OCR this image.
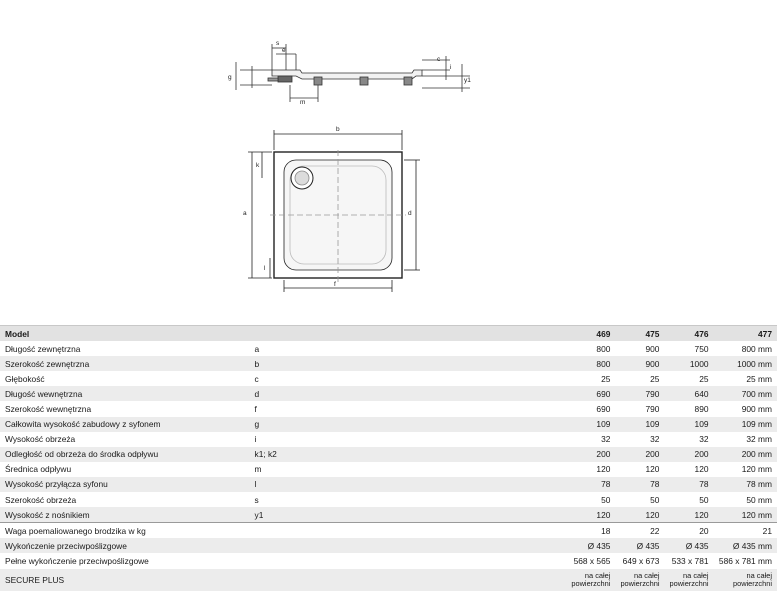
s
e
c
i
y1
g
m
b
a	d
f
k
l
Model		469	475	476	477
Długość zewnętrzna	a	800	900	750	800 mm
Szerokość zewnętrzna	b	800	900	1000	1000 mm
Głębokość	c	25	25	25	25 mm
Długość wewnętrzna	d	690	790	640	700 mm
Szerokość wewnętrzna	f	690	790	890	900 mm
Całkowita wysokość zabudowy z syfonem	g	109	109	109	109 mm
Wysokość obrzeża	i	32	32	32	32 mm
Odległość od obrzeża do środka odpływu	k1; k2	200	200	200	200 mm
Średnica odpływu	m	120	120	120	120 mm
Wysokość przyłącza syfonu	l	78	78	78	78 mm
Szerokość obrzeża	s	50	50	50	50 mm
Wysokość z nośnikiem	y1	120	120	120	120 mm
Waga poemaliowanego brodzika w kg		18	22	20	21
Wykończenie przeciwpoślizgowe		Ø 435	Ø 435	Ø 435	Ø 435 mm
Pełne wykończenie przeciwpoślizgowe		568 x 565	649 x 673	533 x 781	586 x 781 mm
SECURE PLUS		na całej
powierzchni	na całej
powierzchni	na całej
powierzchni	na całej
powierzchni
